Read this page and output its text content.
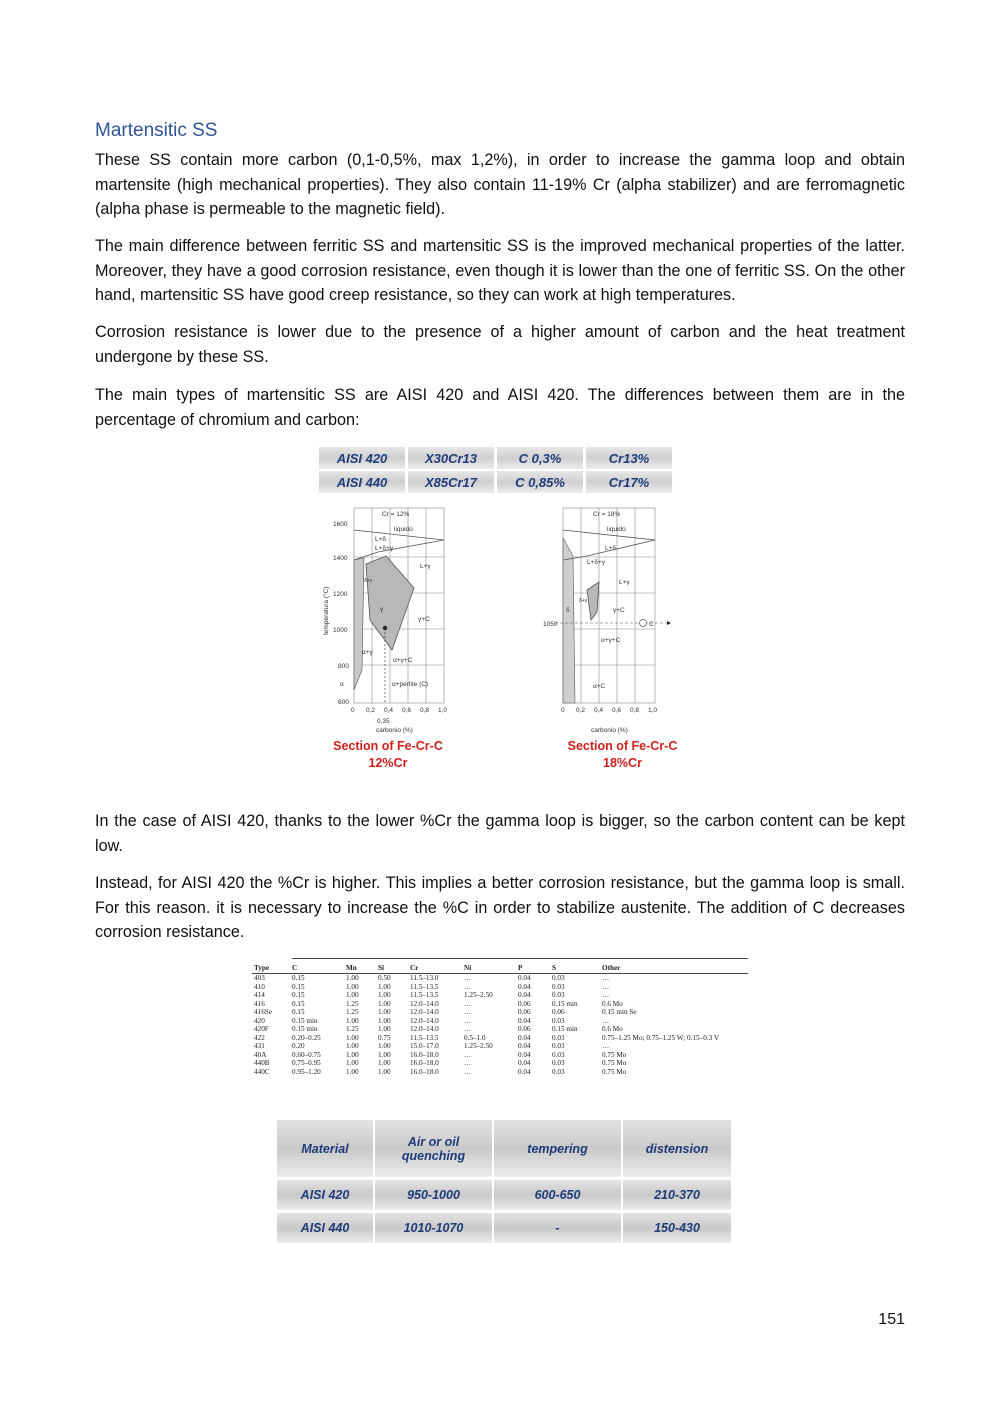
Martensitic SS

These SS contain more carbon (0,1-0,5%, max 1,2%), in order to increase the gamma loop and obtain martensite (high mechanical properties). They also contain 11-19% Cr (alpha stabilizer) and are ferromagnetic (alpha phase is permeable to the magnetic field).

The main difference between ferritic SS and martensitic SS is the improved mechanical properties of the latter. Moreover, they have a good corrosion resistance, even though it is lower than the one of ferritic SS. On the other hand, martensitic SS have good creep resistance, so they can work at high temperatures.

Corrosion resistance is lower due to the presence of a higher amount of carbon and the heat treatment undergone by these SS.

The main types of martensitic SS are AISI 420 and AISI 420. The differences between them are in the percentage of chromium and carbon:

AISI 420	X30Cr13	C 0,3%	Cr13%
AISI 440	X85Cr17	C 0,85%	Cr17%
Cr = 12%
liquido
L+δ
L+δ+γ
L+γ
γ
γ+C
α+γ
α+γ+C
α+perlite (C)
δ+γ
α
1600
1400
1200
1000
800
600
0 0,2 0,4 0,6 0,8 1,0
0,35
carbonio (%)
temperatura (°C)
Section of Fe-Cr-C
12%Cr
Cr = 18%
liquido
L+δ
L+δ+γ
L+γ
γ+C
α+γ+C
α+C
δ
δ+γ
C
1050
0 0,2 0,4 0,6 0,8 1,0
carbonio (%)
Section of Fe-Cr-C
18%Cr

In the case of AISI 420, thanks to the lower %Cr the gamma loop is bigger, so the carbon content can be kept low.

Instead, for AISI 420 the %Cr is higher. This implies a better corrosion resistance, but the gamma loop is small. For this reason. it is necessary to increase the %C in order to stabilize austenite. The addition of C decreases corrosion resistance.

Type	C	Mn	Si	Cr	Ni	P	S	Other
403	0.15	1.00	0.50	11.5–13.0	…	0.04	0.03	…
410	0.15	1.00	1.00	11.5–13.5	…	0.04	0.03	…
414	0.15	1.00	1.00	11.5–13.5	1.25–2.50	0.04	0.03	…
416	0.15	1.25	1.00	12.0–14.0	…	0.06	0.15 min	0.6 Mo
416Se	0.15	1.25	1.00	12.0–14.0	…	0.06	0.06	0.15 min Se
420	0.15 min	1.00	1.00	12.0–14.0	…	0.04	0.03	…
420F	0.15 min	1.25	1.00	12.0–14.0	…	0.06	0.15 min	0.6 Mo
422	0.20–0.25	1.00	0.75	11.5–13.5	0.5–1.0	0.04	0.03	0.75–1.25 Mo; 0.75–1.25 W; 0.15–0.3 V
431	0.20	1.00	1.00	15.0–17.0	1.25–2.50	0.04	0.03	…
40A	0.60–0.75	1.00	1.00	16.0–18.0	…	0.04	0.03	0.75 Mo
440B	0.75–0.95	1.00	1.00	16.0–18.0	…	0.04	0.03	0.75 Mo
440C	0.95–1.20	1.00	1.00	16.0–18.0	…	0.04	0.03	0.75 Mo
Material	Air or oil quenching	tempering	distension
AISI 420	950-1000	600-650	210-370
AISI 440	1010-1070	-	150-430
151
